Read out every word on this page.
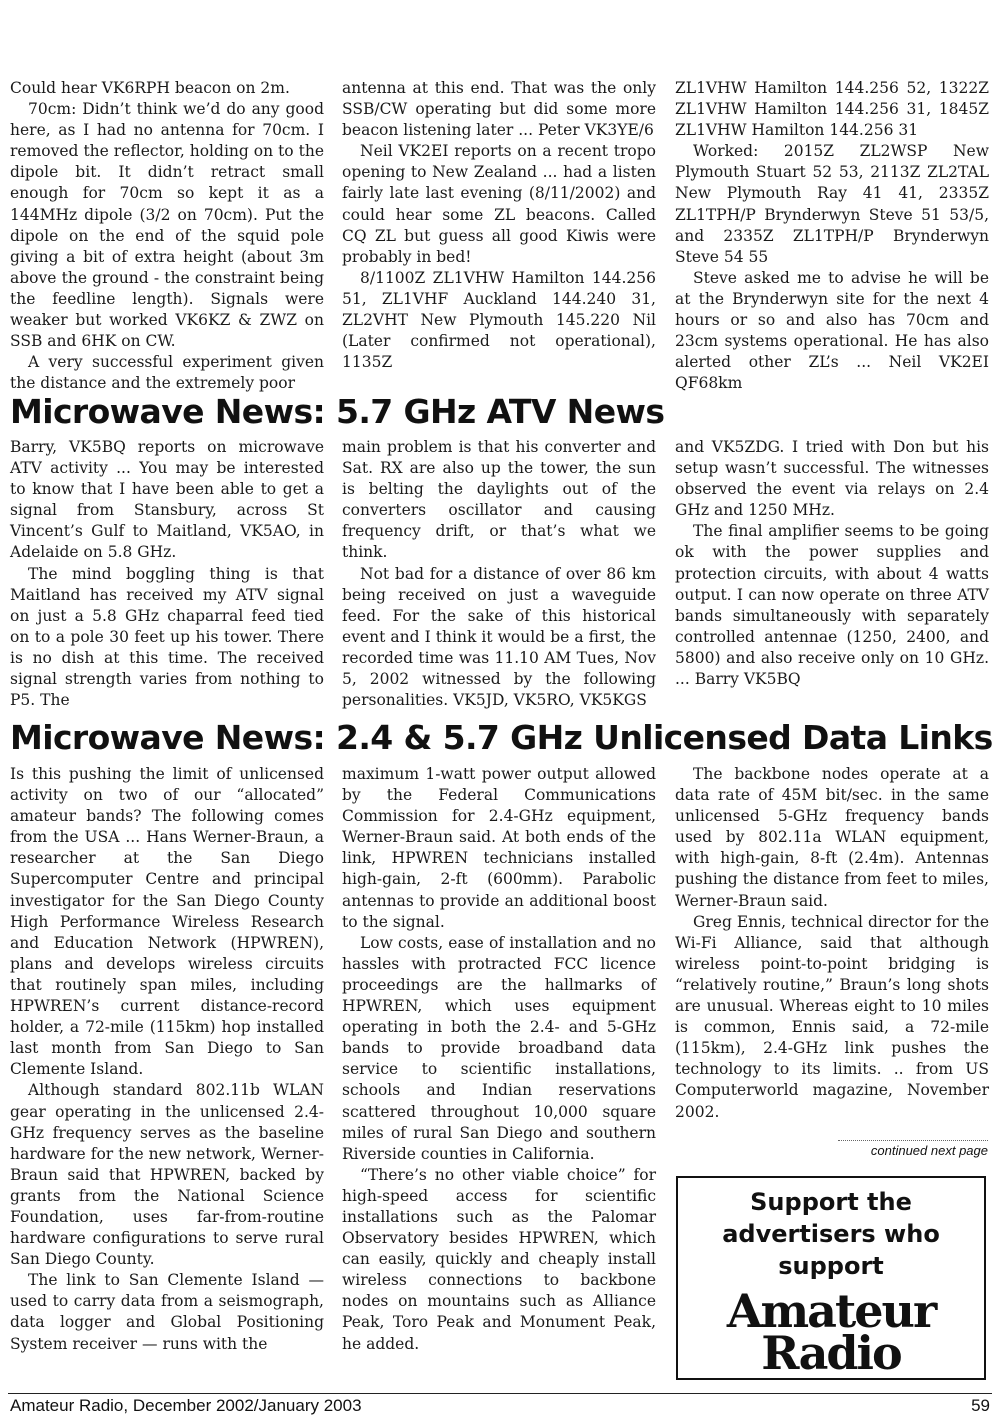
Could hear VK6RPH beacon on 2m.

70cm: Didn’t think we’d do any good here, as I had no antenna for 70cm. I removed the reflector, holding on to the dipole bit. It didn’t retract small enough for 70cm so kept it as a 144MHz dipole (3/2 on 70cm). Put the dipole on the end of the squid pole giving a bit of extra height (about 3m above the ground - the constraint being the feedline length). Signals were weaker but worked VK6KZ & ZWZ on SSB and 6HK on CW.

A very successful experiment given the distance and the extremely poor

antenna at this end. That was the only SSB/CW operating but did some more beacon listening later ... Peter VK3YE/6

Neil VK2EI reports on a recent tropo opening to New Zealand ... had a listen fairly late last evening (8/11/2002) and could hear some ZL beacons. Called CQ ZL but guess all good Kiwis were probably in bed!

8/1100Z ZL1VHW Hamilton 144.256 51, ZL1VHF Auckland 144.240 31, ZL2VHT New Plymouth 145.220 Nil (Later confirmed not operational), 1135Z

ZL1VHW Hamilton 144.256 52, 1322Z ZL1VHW Hamilton 144.256 31, 1845Z ZL1VHW Hamilton 144.256 31

Worked: 2015Z ZL2WSP New Plymouth Stuart 52 53, 2113Z ZL2TAL New Plymouth Ray 41 41, 2335Z ZL1TPH/P Brynderwyn Steve 51 53/5, and 2335Z ZL1TPH/P Brynderwyn Steve 54 55

Steve asked me to advise he will be at the Brynderwyn site for the next 4 hours or so and also has 70cm and 23cm systems operational. He has also alerted other ZL’s ... Neil VK2EI QF68km

Microwave News: 5.7 GHz ATV News

Barry, VK5BQ reports on microwave ATV activity ... You may be interested to know that I have been able to get a signal from Stansbury, across St Vincent’s Gulf to Maitland, VK5AO, in Adelaide on 5.8 GHz.

The mind boggling thing is that Maitland has received my ATV signal on just a 5.8 GHz chaparral feed tied on to a pole 30 feet up his tower. There is no dish at this time. The received signal strength varies from nothing to P5. The

main problem is that his converter and Sat. RX are also up the tower, the sun is belting the daylights out of the converters oscillator and causing frequency drift, or that’s what we think.

Not bad for a distance of over 86 km being received on just a waveguide feed. For the sake of this historical event and I think it would be a first, the recorded time was 11.10 AM Tues, Nov 5, 2002 witnessed by the following personalities. VK5JD, VK5RO, VK5KGS

and VK5ZDG. I tried with Don but his setup wasn’t successful. The witnesses observed the event via relays on 2.4 GHz and 1250 MHz.

The final amplifier seems to be going ok with the power supplies and protection circuits, with about 4 watts output. I can now operate on three ATV bands simultaneously with separately controlled antennae (1250, 2400, and 5800) and also receive only on 10 GHz. ... Barry VK5BQ

Microwave News: 2.4 & 5.7 GHz Unlicensed Data Links

Is this pushing the limit of unlicensed activity on two of our “allocated” amateur bands? The following comes from the USA ... Hans Werner-Braun, a researcher at the San Diego Supercomputer Centre and principal investigator for the San Diego County High Performance Wireless Research and Education Network (HPWREN), plans and develops wireless circuits that routinely span miles, including HPWREN’s current distance-record holder, a 72-mile (115km) hop installed last month from San Diego to San Clemente Island.

Although standard 802.11b WLAN gear operating in the unlicensed 2.4-GHz frequency serves as the baseline hardware for the new network, Werner-Braun said that HPWREN, backed by grants from the National Science Foundation, uses far-from-routine hardware configurations to serve rural San Diego County.

The link to San Clemente Island — used to carry data from a seismograph, data logger and Global Positioning System receiver — runs with the

maximum 1-watt power output allowed by the Federal Communications Commission for 2.4-GHz equipment, Werner-Braun said. At both ends of the link, HPWREN technicians installed high-gain, 2-ft (600mm). Parabolic antennas to provide an additional boost to the signal.

Low costs, ease of installation and no hassles with protracted FCC licence proceedings are the hallmarks of HPWREN, which uses equipment operating in both the 2.4- and 5-GHz bands to provide broadband data service to scientific installations, schools and Indian reservations scattered throughout 10,000 square miles of rural San Diego and southern Riverside counties in California.

“There’s no other viable choice” for high-speed access for scientific installations such as the Palomar Observatory besides HPWREN, which can easily, quickly and cheaply install wireless connections to backbone nodes on mountains such as Alliance Peak, Toro Peak and Monument Peak, he added.

The backbone nodes operate at a data rate of 45M bit/sec. in the same unlicensed 5-GHz frequency bands used by 802.11a WLAN equipment, with high-gain, 8-ft (2.4m). Antennas pushing the distance from feet to miles, Werner-Braun said.

Greg Ennis, technical director for the Wi-Fi Alliance, said that although wireless point-to-point bridging is “relatively routine,” Braun’s long shots are unusual. Whereas eight to 10 miles is common, Ennis said, a 72-mile (115km), 2.4-GHz link pushes the technology to its limits. .. from US Computerworld magazine, November 2002.

continued next page
Support the
advertisers who
support
Amateur
Radio
Amateur Radio, December 2002/January 2003	59
